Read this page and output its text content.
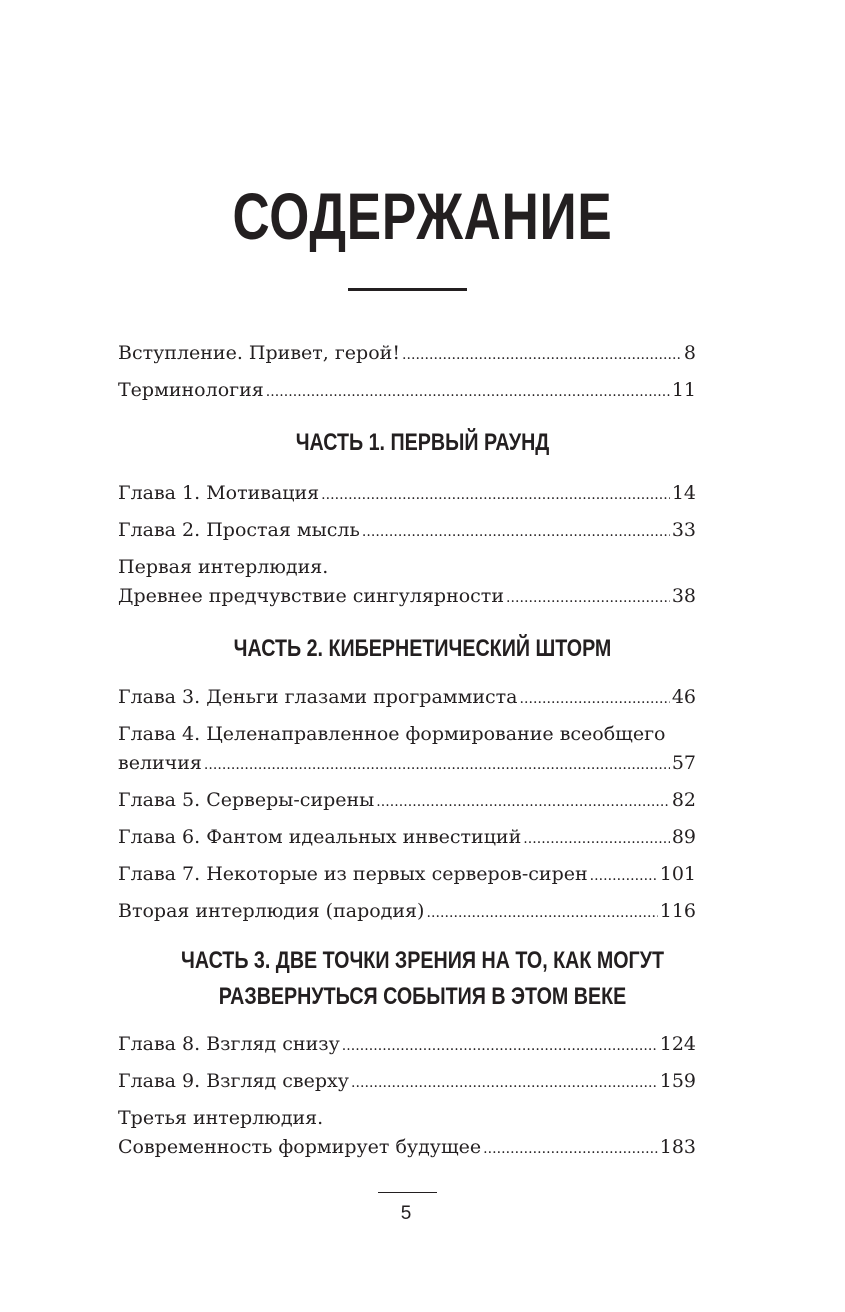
СОДЕРЖАНИЕ
Вступление. Привет, герой! . . .	8
Терминология . . .	11
ЧАСТЬ 1. ПЕРВЫЙ РАУНД
Глава 1. Мотивация . . .	14
Глава 2. Простая мысль . . .	33
Первая интерлюдия.
Древнее предчувствие сингулярности . . .	38
ЧАСТЬ 2. КИБЕРНЕТИЧЕСКИЙ ШТОРМ
Глава 3. Деньги глазами программиста . . .	46
Глава 4. Целенаправленное формирование всеобщего
величия . . .	57
Глава 5. Серверы-сирены . . .	82
Глава 6. Фантом идеальных инвестиций . . .	89
Глава 7. Некоторые из первых серверов-сирен . . .	101
Вторая интерлюдия (пародия) . . .	116
ЧАСТЬ 3. ДВЕ ТОЧКИ ЗРЕНИЯ НА ТО, КАК МОГУТ
РАЗВЕРНУТЬСЯ СОБЫТИЯ В ЭТОМ ВЕКЕ
Глава 8. Взгляд снизу . . .	124
Глава 9. Взгляд сверху . . .	159
Третья интерлюдия.
Современность формирует будущее . . .	183
5
